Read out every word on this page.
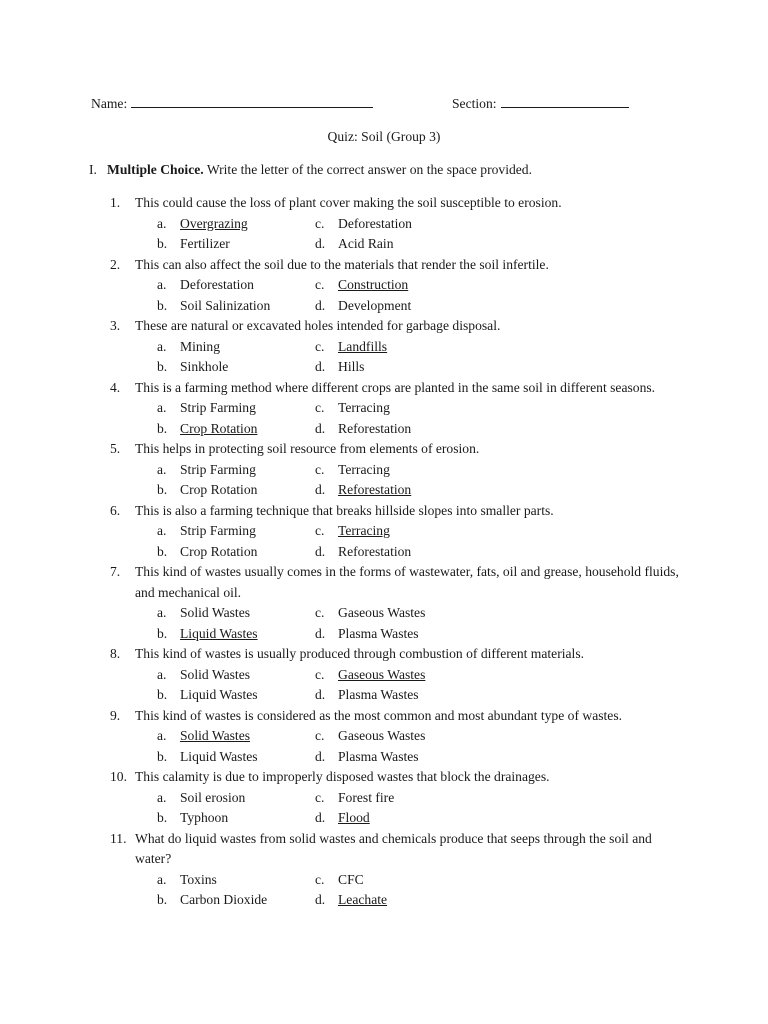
Name:	Section:
Quiz: Soil (Group 3)
I. Multiple Choice. Write the letter of the correct answer on the space provided.
1.	This could cause the loss of plant cover making the soil susceptible to erosion.
a. Overgrazing	c. Deforestation
b. Fertilizer	d. Acid Rain
2.	This can also affect the soil due to the materials that render the soil infertile.
a. Deforestation	c. Construction
b. Soil Salinization	d. Development
3.	These are natural or excavated holes intended for garbage disposal.
a. Mining	c. Landfills
b. Sinkhole	d. Hills
4.	This is a farming method where different crops are planted in the same soil in different seasons.
a. Strip Farming	c. Terracing
b. Crop Rotation	d. Reforestation
5.	This helps in protecting soil resource from elements of erosion.
a. Strip Farming	c. Terracing
b. Crop Rotation	d. Reforestation
6.	This is also a farming technique that breaks hillside slopes into smaller parts.
a. Strip Farming	c. Terracing
b. Crop Rotation	d. Reforestation
7.	This kind of wastes usually comes in the forms of wastewater, fats, oil and grease, household fluids, and mechanical oil.
a. Solid Wastes	c. Gaseous Wastes
b. Liquid Wastes	d. Plasma Wastes
8.	This kind of wastes is usually produced through combustion of different materials.
a. Solid Wastes	c. Gaseous Wastes
b. Liquid Wastes	d. Plasma Wastes
9.	This kind of wastes is considered as the most common and most abundant type of wastes.
a. Solid Wastes	c. Gaseous Wastes
b. Liquid Wastes	d. Plasma Wastes
10. This calamity is due to improperly disposed wastes that block the drainages.
a. Soil erosion	c. Forest fire
b. Typhoon	d. Flood
11. What do liquid wastes from solid wastes and chemicals produce that seeps through the soil and water?
a. Toxins	c. CFC
b. Carbon Dioxide	d. Leachate
